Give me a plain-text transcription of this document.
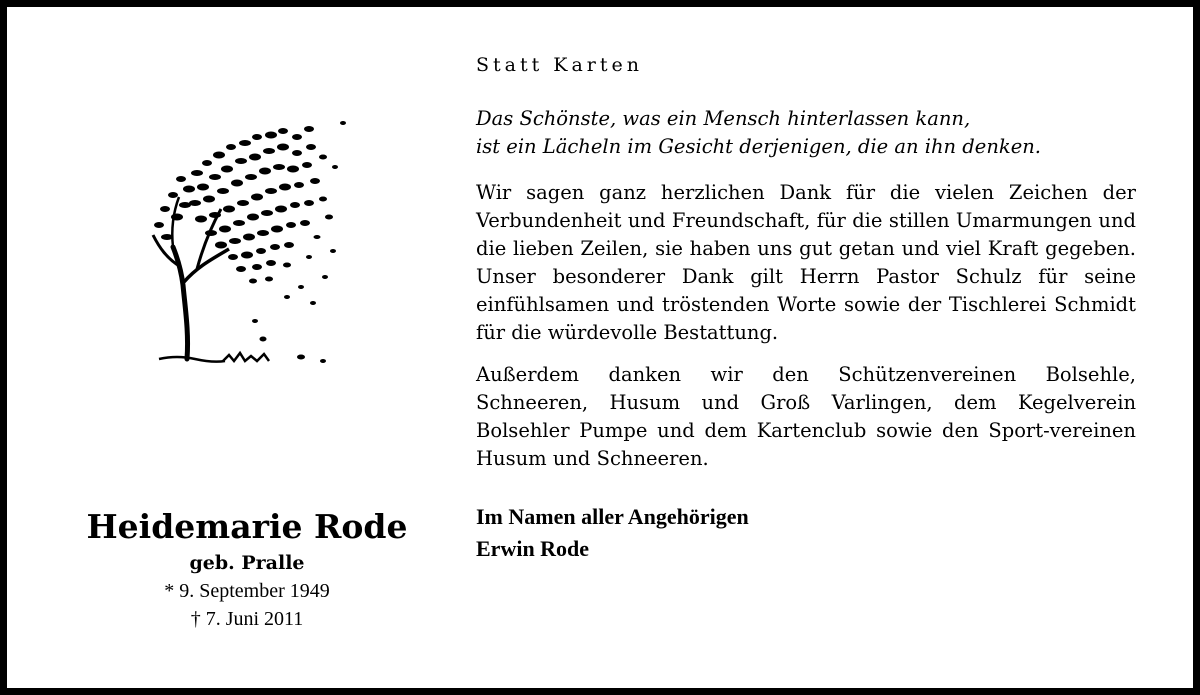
Heidemarie Rode
geb. Pralle
* 9. September 1949
† 7. Juni 2011
Statt Karten
Das Schönste, was ein Mensch hinterlassen kann,
ist ein Lächeln im Gesicht derjenigen, die an ihn denken.

Wir sagen ganz herzlichen Dank für die vielen Zeichen der Verbundenheit und Freundschaft, für die stillen Umarmungen und die lieben Zeilen, sie haben uns gut getan und viel Kraft gegeben. Unser besonderer Dank gilt Herrn Pastor Schulz für seine einfühlsamen und tröstenden Worte sowie der Tischlerei Schmidt für die würdevolle Bestattung.

Außerdem danken wir den Schützenvereinen Bolsehle, Schneeren, Husum und Groß Varlingen, dem Kegelverein Bolsehler Pumpe und dem Kartenclub sowie den Sport-vereinen Husum und Schneeren.

Im Namen aller Angehörigen
Erwin Rode
